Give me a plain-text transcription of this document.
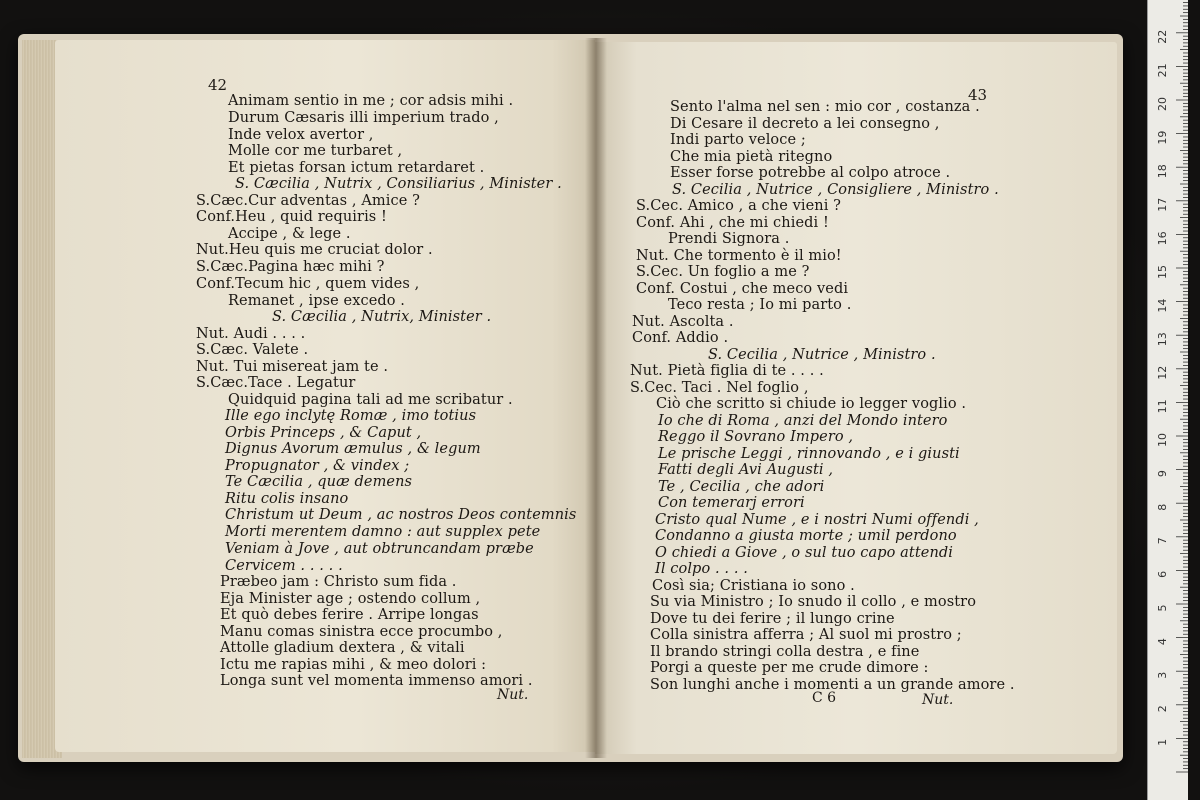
Animam sentio in me ; cor adsis mihi .
Durum Cæsaris illi imperium trado ,
Inde velox avertor ,
Molle cor me turbaret ,
Et pietas forsan ictum retardaret .
S. Cæcilia , Nutrix , Consiliarius , Minister .
S.Cæc.Cur adventas , Amice ?
Conf.Heu , quid requiris !
Accipe , & lege .
Nut.Heu quis me cruciat dolor .
S.Cæc.Pagina hæc mihi ?
Conf.Tecum hic , quem vides ,
Remanet , ipse excedo .
S. Cæcilia , Nutrix, Minister .
Nut. Audi . . . .
S.Cæc. Valete .
Nut. Tui misereat jam te .
S.Cæc.Tace . Legatur
Quidquid pagina tali ad me scribatur .
Ille ego inclytę Romæ , imo totius
Orbis Princeps , & Caput ,
Dignus Avorum æmulus , & legum
Propugnator , & vindex ;
Te Cæcilia , quæ demens
Ritu colis insano
Christum ut Deum , ac nostros Deos contemnis
Morti merentem damno : aut supplex pete
Veniam à Jove , aut obtruncandam præbe
Cervicem . . . . .
Præbeo jam : Christo sum fida .
Eja Minister age ; ostendo collum ,
Et quò debes ferire . Arripe longas
Manu comas sinistra ecce procumbo ,
Attolle gladium dextera , & vitali
Ictu me rapias mihi , & meo dolori :
Longa sunt vel momenta immenso amori .
Sento l'alma nel sen : mio cor , costanza .
Di Cesare il decreto a lei consegno ,
Indi parto veloce ;
Che mia pietà ritegno
Esser forse potrebbe al colpo atroce .
S. Cecilia , Nutrice , Consigliere , Ministro .
S.Cec. Amico , a che vieni ?
Conf. Ahi , che mi chiedi !
Prendi Signora .
Nut. Che tormento è il mio!
S.Cec. Un foglio a me ?
Conf. Costui , che meco vedi
Teco resta ; Io mi parto .
Nut. Ascolta .
Conf. Addio .
S. Cecilia , Nutrice , Ministro .
Nut. Pietà figlia di te . . . .
S.Cec. Taci . Nel foglio ,
Ciò che scritto si chiude io legger voglio .
Io che di Roma , anzi del Mondo intero
Reggo il Sovrano Impero ,
Le prische Leggi , rinnovando , e i giusti
Fatti degli Avi Augusti ,
Te , Cecilia , che adori
Con temerarj errori
Cristo qual Nume , e i nostri Numi offendi ,
Condanno a giusta morte ; umil perdono
O chiedi a Giove , o sul tuo capo attendi
Il colpo . . . .
Così sia; Cristiana io sono .
Su via Ministro ; Io snudo il collo , e mostro
Dove tu dei ferire ; il lungo crine
Colla sinistra afferra ; Al suol mi prostro ;
Il brando stringi colla destra , e fine
Porgi a queste per me crude dimore :
Son lunghi anche i momenti a un grande amore .
42
43
Nut.	C 6	Nut.
1
2
3
4
5
6
7
8
9
10
11
12
13
14
15
16
17
18
19
20
21
22
